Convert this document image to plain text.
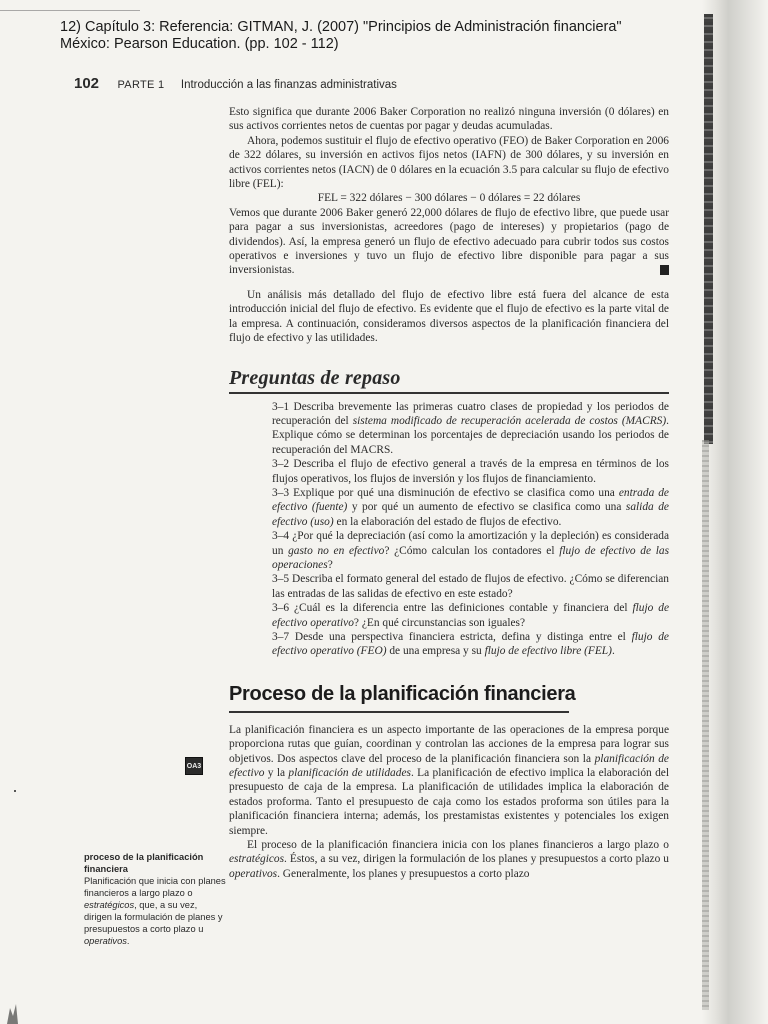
12) Capítulo 3: Referencia: GITMAN, J. (2007) "Principios de Administración financiera"
México: Pearson Education. (pp. 102 - 112)
102 PARTE 1 Introducción a las finanzas administrativas

Esto significa que durante 2006 Baker Corporation no realizó ninguna inversión (0 dólares) en sus activos corrientes netos de cuentas por pagar y deudas acumuladas.

Ahora, podemos sustituir el flujo de efectivo operativo (FEO) de Baker Corporation en 2006 de 322 dólares, su inversión en activos fijos netos (IAFN) de 300 dólares, y su inversión en activos corrientes netos (IACN) de 0 dólares en la ecuación 3.5 para calcular su flujo de efectivo libre (FEL):

FEL = 322 dólares − 300 dólares − 0 dólares = 22 dólares

Vemos que durante 2006 Baker generó 22,000 dólares de flujo de efectivo libre, que puede usar para pagar a sus inversionistas, acreedores (pago de intereses) y propietarios (pago de dividendos). Así, la empresa generó un flujo de efectivo adecuado para cubrir todos sus costos operativos e inversiones y tuvo un flujo de efectivo libre disponible para pagar a sus inversionistas.

Un análisis más detallado del flujo de efectivo libre está fuera del alcance de esta introducción inicial del flujo de efectivo. Es evidente que el flujo de efectivo es la parte vital de la empresa. A continuación, consideramos diversos aspectos de la planificación financiera del flujo de efectivo y las utilidades.

Preguntas de repaso
3–1 Describa brevemente las primeras cuatro clases de propiedad y los periodos de recuperación del sistema modificado de recuperación acelerada de costos (MACRS). Explique cómo se determinan los porcentajes de depreciación usando los periodos de recuperación del MACRS.
3–2 Describa el flujo de efectivo general a través de la empresa en términos de los flujos operativos, los flujos de inversión y los flujos de financiamiento.
3–3 Explique por qué una disminución de efectivo se clasifica como una entrada de efectivo (fuente) y por qué un aumento de efectivo se clasifica como una salida de efectivo (uso) en la elaboración del estado de flujos de efectivo.
3–4 ¿Por qué la depreciación (así como la amortización y la depleción) es considerada un gasto no en efectivo? ¿Cómo calculan los contadores el flujo de efectivo de las operaciones?
3–5 Describa el formato general del estado de flujos de efectivo. ¿Cómo se diferencian las entradas de las salidas de efectivo en este estado?
3–6 ¿Cuál es la diferencia entre las definiciones contable y financiera del flujo de efectivo operativo? ¿En qué circunstancias son iguales?
3–7 Desde una perspectiva financiera estricta, defina y distinga entre el flujo de efectivo operativo (FEO) de una empresa y su flujo de efectivo libre (FEL).
Proceso de la planificación financiera

La planificación financiera es un aspecto importante de las operaciones de la empresa porque proporciona rutas que guían, coordinan y controlan las acciones de la empresa para lograr sus objetivos. Dos aspectos clave del proceso de la planificación financiera son la planificación de efectivo y la planificación de utilidades. La planificación de efectivo implica la elaboración del presupuesto de caja de la empresa. La planificación de utilidades implica la elaboración de estados proforma. Tanto el presupuesto de caja como los estados proforma son útiles para la planificación financiera interna; además, los prestamistas existentes y potenciales los exigen siempre.

El proceso de la planificación financiera inicia con los planes financieros a largo plazo o estratégicos. Éstos, a su vez, dirigen la formulación de los planes y presupuestos a corto plazo u operativos. Generalmente, los planes y presupuestos a corto plazo

OA3
proceso de la planificación financiera
Planificación que inicia con planes financieros a largo plazo o estratégicos, que, a su vez, dirigen la formulación de planes y presupuestos a corto plazo u operativos.
